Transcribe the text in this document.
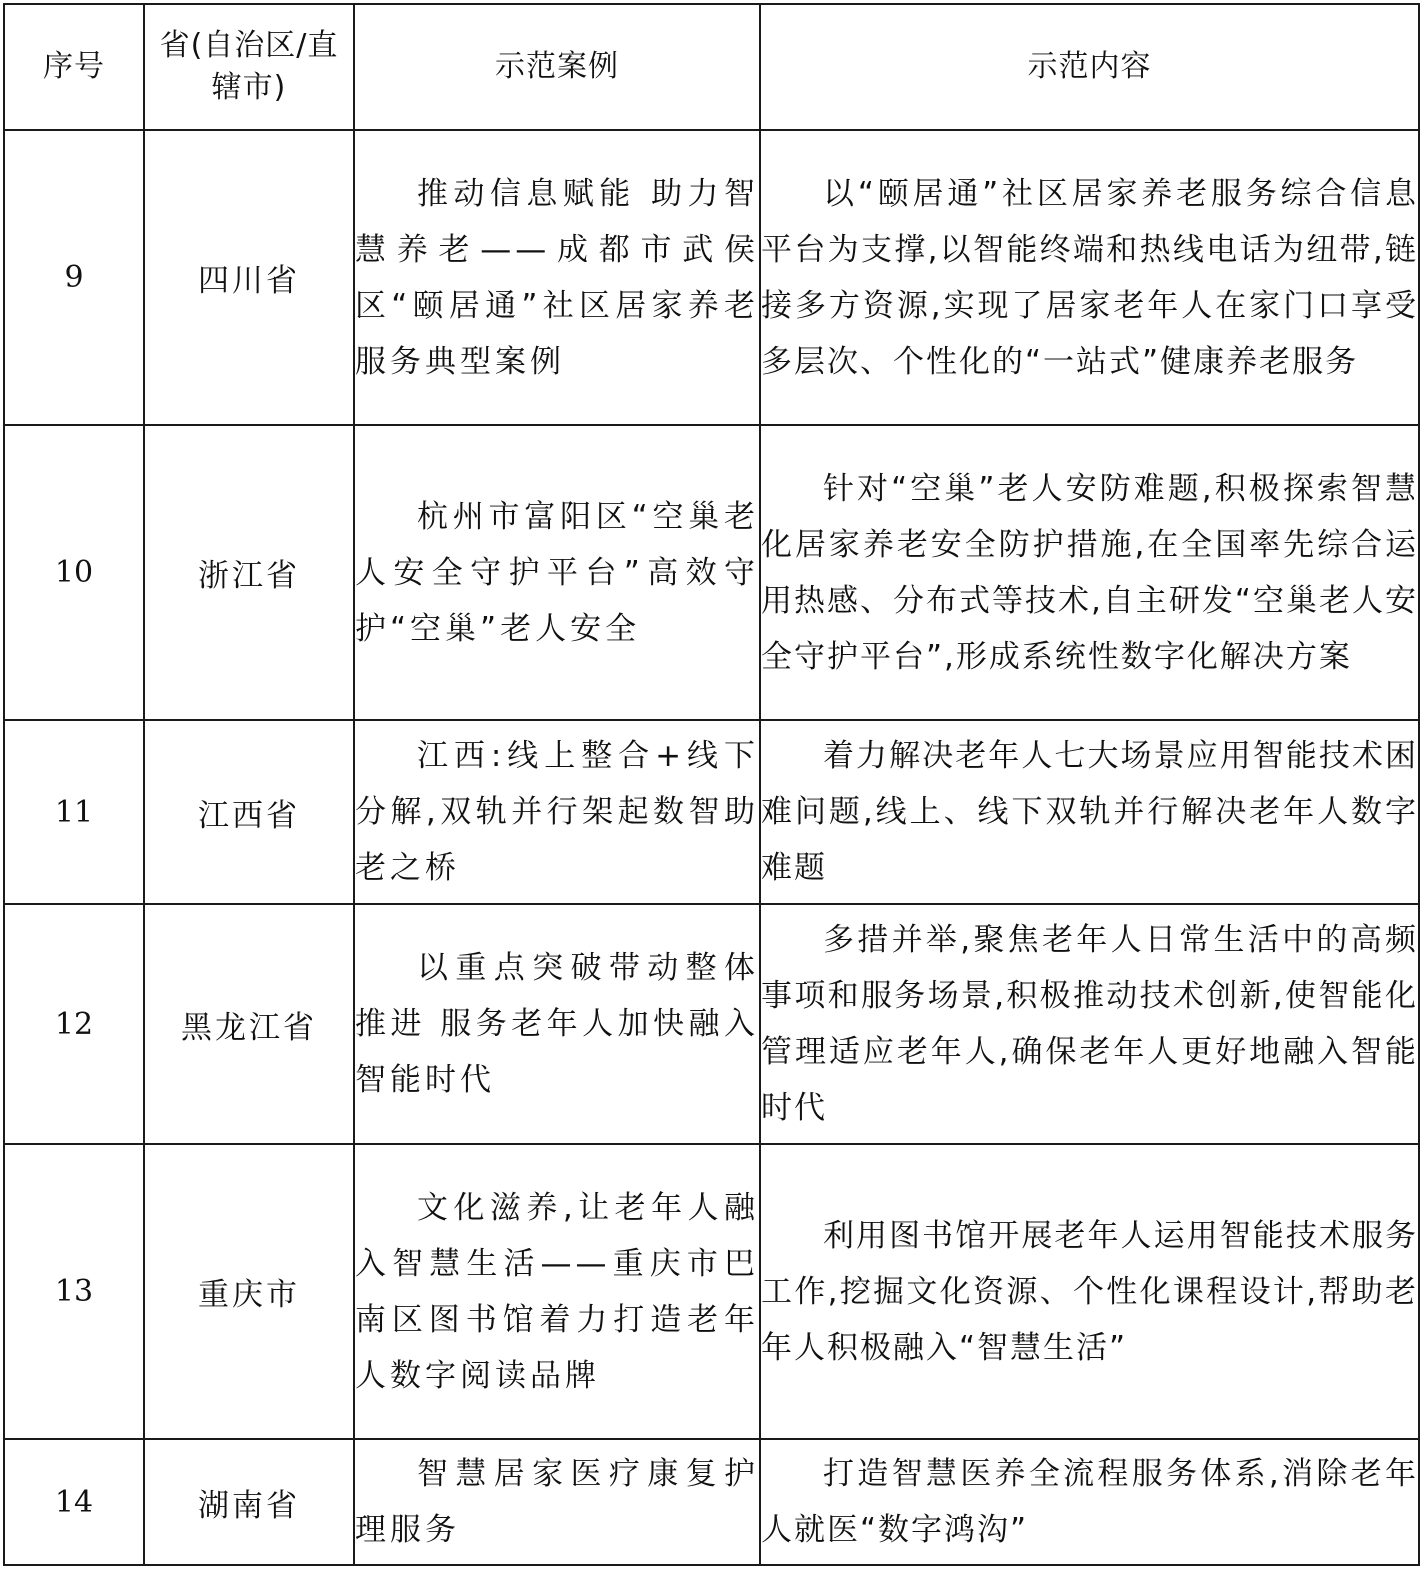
序号	省(自治区/直辖市)	示范案例	示范内容
9	四川省	推动信息赋能 助力智慧养老——成都市武侯区“颐居通”社区居家养老服务典型案例	以“颐居通”社区居家养老服务综合信息平台为支撑,以智能终端和热线电话为纽带,链接多方资源,实现了居家老年人在家门口享受多层次、个性化的“一站式”健康养老服务

10	浙江省	杭州市富阳区“空巢老人安全守护平台”高效守护“空巢”老人安全	针对“空巢”老人安防难题,积极探索智慧化居家养老安全防护措施,在全国率先综合运用热感、分布式等技术,自主研发“空巢老人安全守护平台”,形成系统性数字化解决方案

11	江西省	江西:线上整合+线下分解,双轨并行架起数智助老之桥	着力解决老年人七大场景应用智能技术困难问题,线上、线下双轨并行解决老年人数字难题

12	黑龙江省	以重点突破带动整体推进 服务老年人加快融入智能时代	多措并举,聚焦老年人日常生活中的高频事项和服务场景,积极推动技术创新,使智能化管理适应老年人,确保老年人更好地融入智能时代

13	重庆市	文化滋养,让老年人融入智慧生活——重庆市巴南区图书馆着力打造老年人数字阅读品牌	利用图书馆开展老年人运用智能技术服务工作,挖掘文化资源、个性化课程设计,帮助老年人积极融入“智慧生活”

14	湖南省	智慧居家医疗康复护理服务	打造智慧医养全流程服务体系,消除老年人就医“数字鸿沟”
